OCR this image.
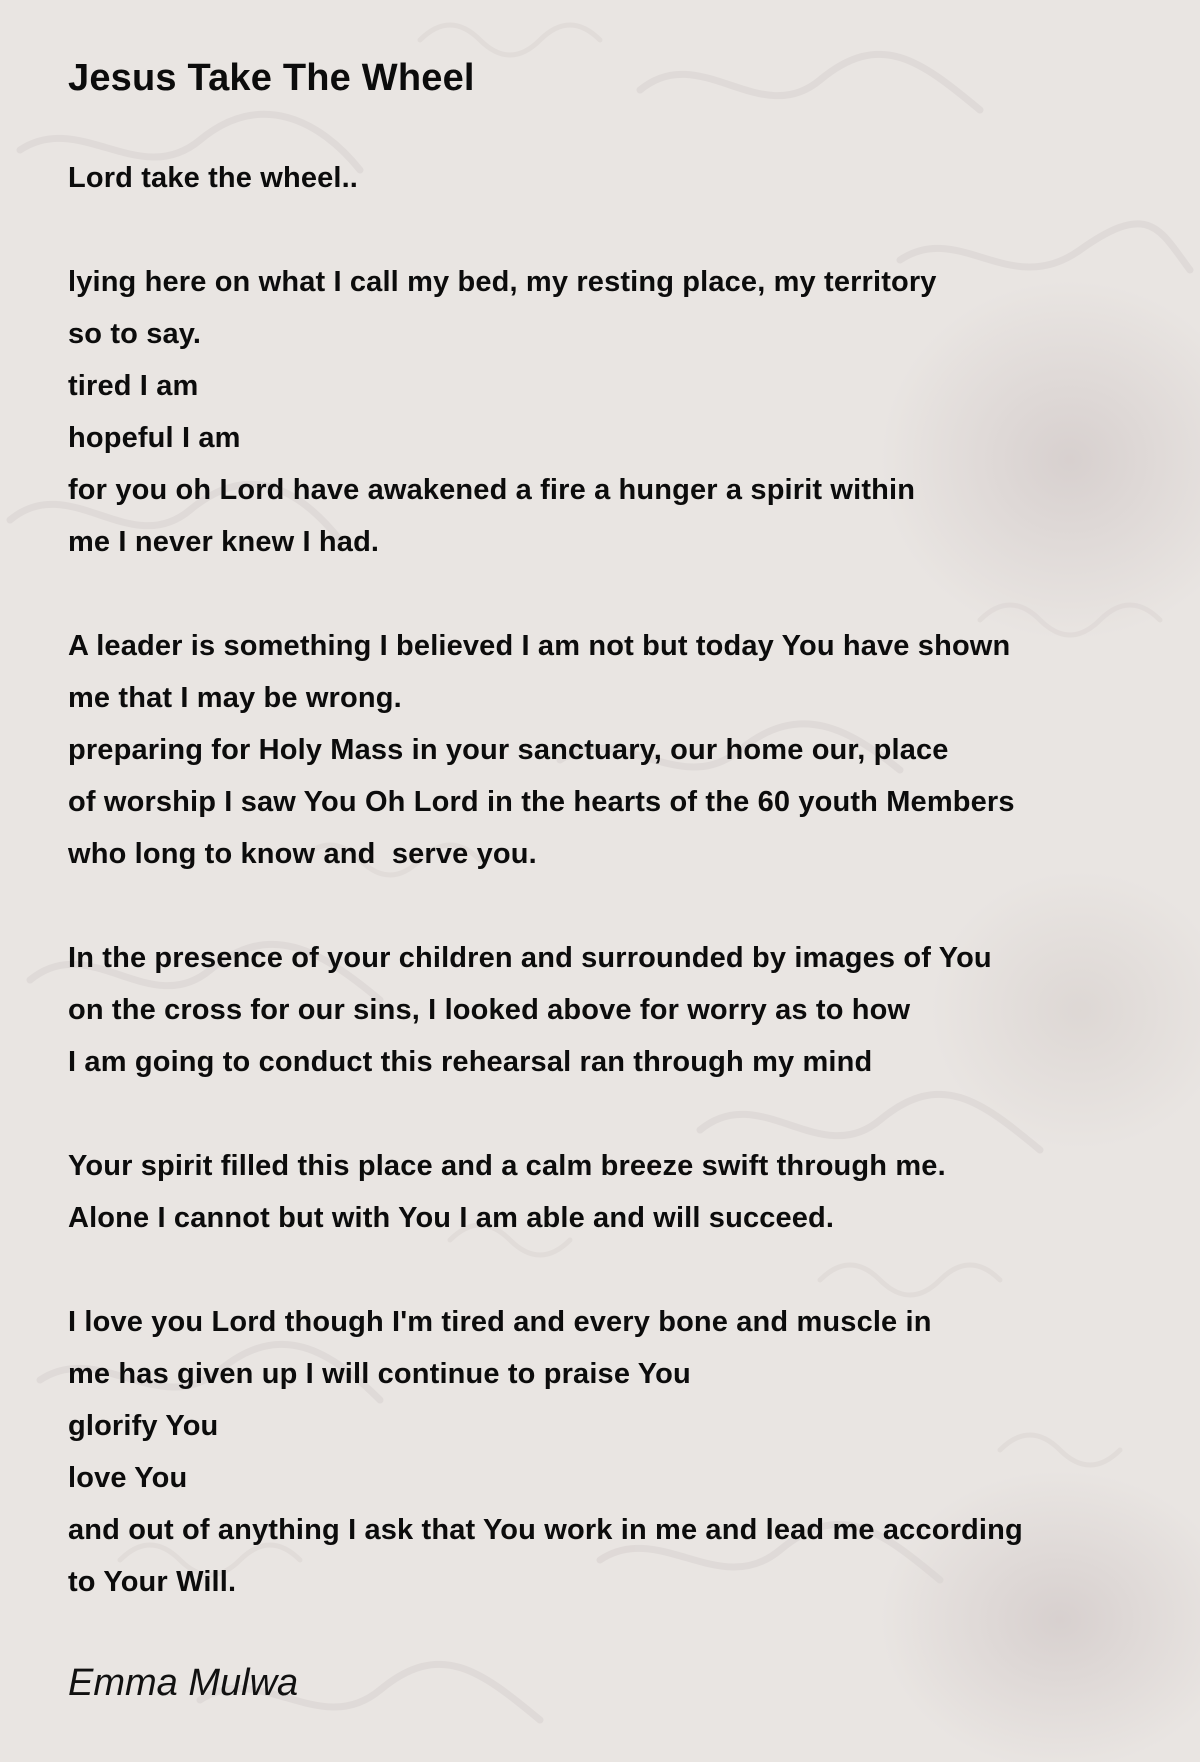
Jesus Take The Wheel

Lord take the wheel..

lying here on what I call my bed, my resting place, my territory
so to say.
tired I am
hopeful I am
for you oh Lord have awakened a fire a hunger a spirit within
me I never knew I had.

A leader is something I believed I am not but today You have shown
me that I may be wrong.
preparing for Holy Mass in your sanctuary, our home our, place
of worship I saw You Oh Lord in the hearts of the 60 youth Members
who long to know and  serve you.

In the presence of your children and surrounded by images of You
on the cross for our sins, I looked above for worry as to how
I am going to conduct this rehearsal ran through my mind

Your spirit filled this place and a calm breeze swift through me.
Alone I cannot but with You I am able and will succeed.

I love you Lord though I'm tired and every bone and muscle in
me has given up I will continue to praise You
glorify You
love You
and out of anything I ask that You work in me and lead me according
to Your Will.

Emma Mulwa
